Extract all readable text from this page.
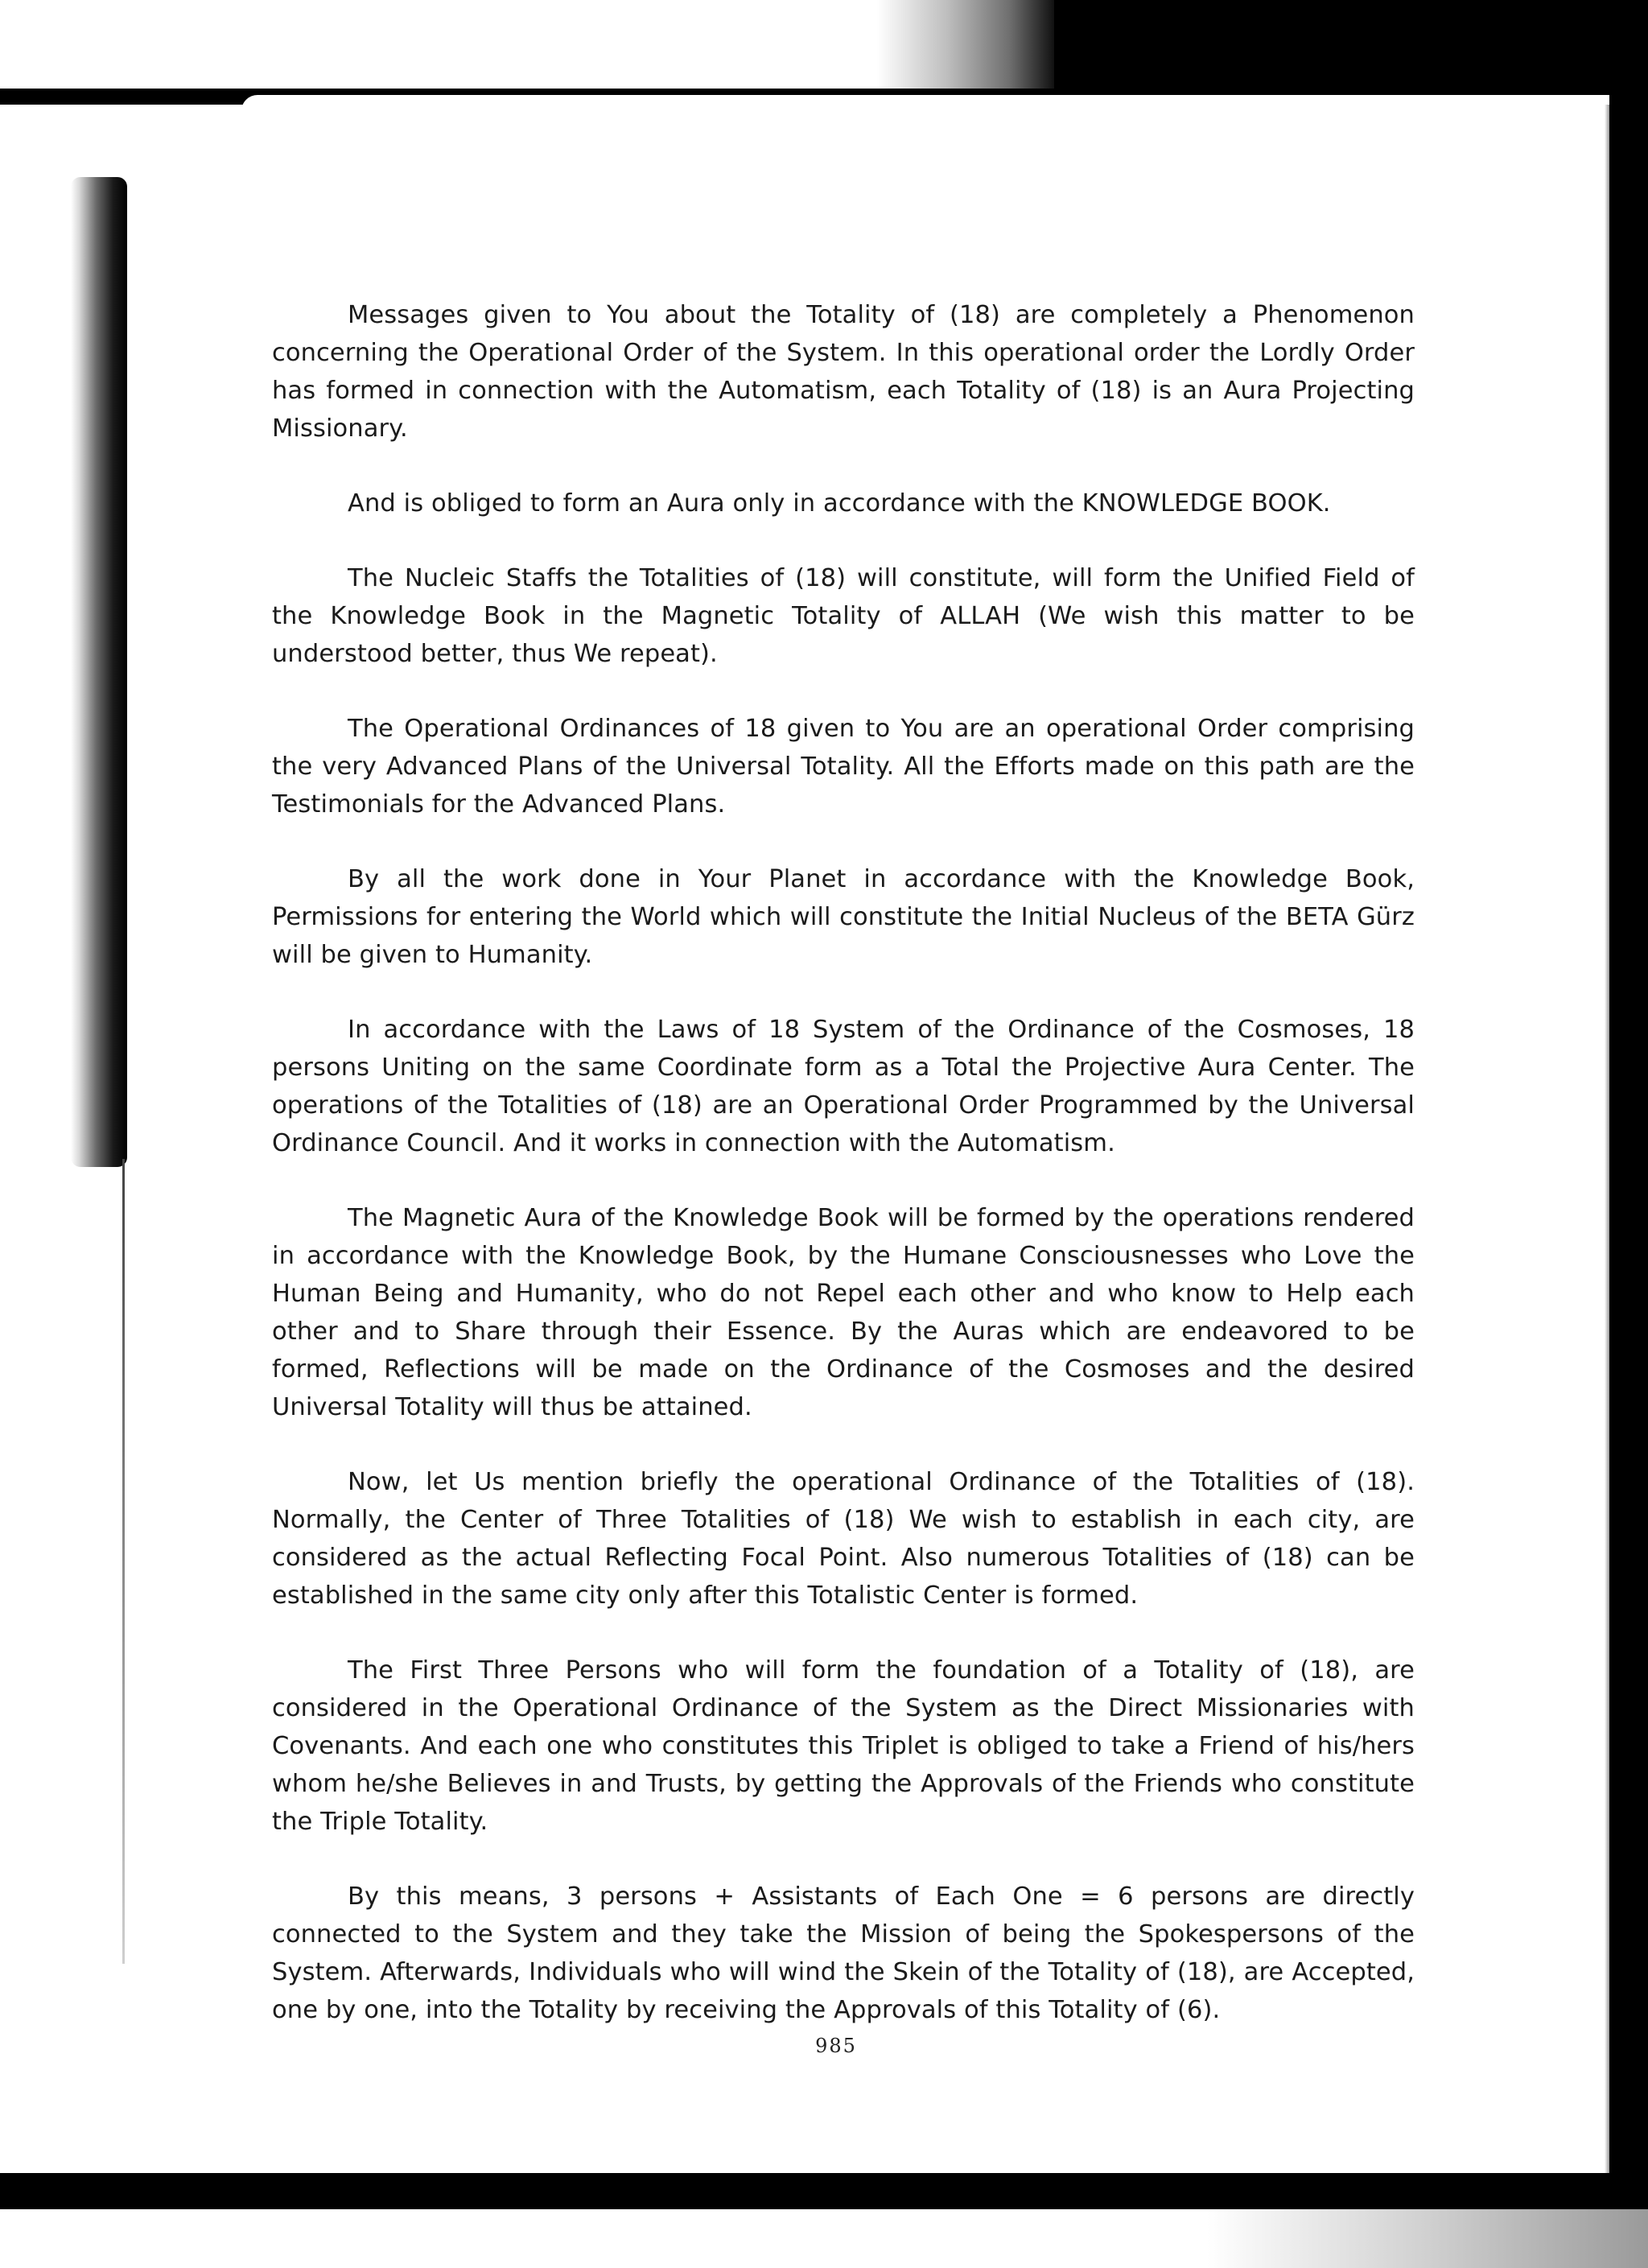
Messages given to You about the Totality of (18) are completely a Phenomenon concerning the Operational Order of the System. In this operational order the Lordly Order has formed in connection with the Automatism, each Totality of (18) is an Aura Projecting Missionary.

And is obliged to form an Aura only in accordance with the KNOWLEDGE BOOK.

The Nucleic Staffs the Totalities of (18) will constitute, will form the Unified Field of the Knowledge Book in the Magnetic Totality of ALLAH (We wish this matter to be understood better, thus We repeat).

The Operational Ordinances of 18 given to You are an operational Order comprising the very Advanced Plans of the Universal Totality. All the Efforts made on this path are the Testimonials for the Advanced Plans.

By all the work done in Your Planet in accordance with the Knowledge Book, Permissions for entering the World which will constitute the Initial Nucleus of the BETA Gürz will be given to Humanity.

In accordance with the Laws of 18 System of the Ordinance of the Cosmoses, 18 persons Uniting on the same Coordinate form as a Total the Projective Aura Center. The operations of the Totalities of (18) are an Operational Order Programmed by the Universal Ordinance Council. And it works in connection with the Automatism.

The Magnetic Aura of the Knowledge Book will be formed by the operations rendered in accordance with the Knowledge Book, by the Humane Consciousnesses who Love the Human Being and Humanity, who do not Repel each other and who know to Help each other and to Share through their Essence. By the Auras which are endeavored to be formed, Reflections will be made on the Ordinance of the Cosmoses and the desired Universal Totality will thus be attained.

Now, let Us mention briefly the operational Ordinance of the Totalities of (18). Normally, the Center of Three Totalities of (18) We wish to establish in each city, are considered as the actual Reflecting Focal Point. Also numerous Totalities of (18) can be established in the same city only after this Totalistic Center is formed.

The First Three Persons who will form the foundation of a Totality of (18), are considered in the Operational Ordinance of the System as the Direct Missionaries with Covenants. And each one who constitutes this Triplet is obliged to take a Friend of his/hers whom he/she Believes in and Trusts, by getting the Approvals of the Friends who constitute the Triple Totality.

By this means, 3 persons + Assistants of Each One = 6 persons are directly connected to the System and they take the Mission of being the Spokespersons of the System. Afterwards, Individuals who will wind the Skein of the Totality of (18), are Accepted, one by one, into the Totality by receiving the Approvals of this Totality of (6).

985
